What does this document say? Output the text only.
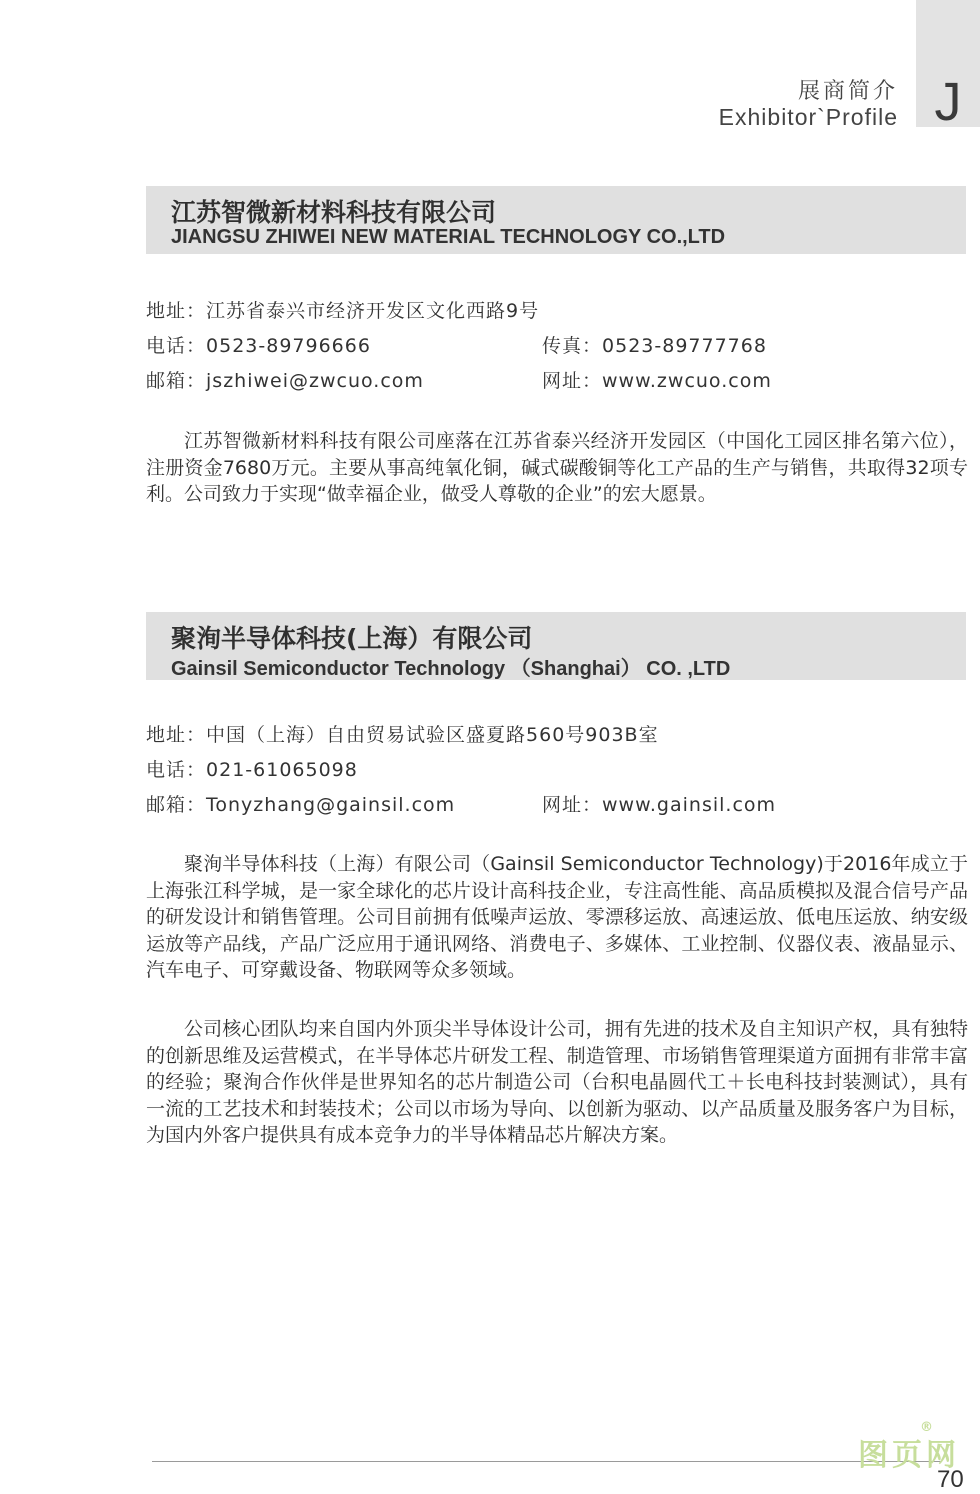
J
展商简介
Exhibitor`Profile
江苏智微新材料科技有限公司
JIANGSU ZHIWEI NEW MATERIAL TECHNOLOGY CO.,LTD
地址：江苏省泰兴市经济开发区文化西路9号
电话：0523-89796666	传真：0523-89777768
邮箱：jszhiwei@zwcuo.com	网址：www.zwcuo.com

江苏智微新材料科技有限公司座落在江苏省泰兴经济开发园区（中国化工园区排名第六位），注册资金7680万元。主要从事高纯氧化铜，碱式碳酸铜等化工产品的生产与销售，共取得32项专利。公司致力于实现“做幸福企业，做受人尊敬的企业”的宏大愿景。

聚洵半导体科技(上海）有限公司
Gainsil Semiconductor Technology （Shanghai） CO. ,LTD
地址：中国（上海）自由贸易试验区盛夏路560号903B室
电话：021-61065098
邮箱：Tonyzhang@gainsil.com	网址：www.gainsil.com

聚洵半导体科技（上海）有限公司（Gainsil Semiconductor Technology)于2016年成立于上海张江科学城，是一家全球化的芯片设计高科技企业，专注高性能、高品质模拟及混合信号产品的研发设计和销售管理。公司目前拥有低噪声运放、零漂移运放、高速运放、低电压运放、纳安级运放等产品线，产品广泛应用于通讯网络、消费电子、多媒体、工业控制、仪器仪表、液晶显示、汽车电子、可穿戴设备、物联网等众多领域。

公司核心团队均来自国内外顶尖半导体设计公司，拥有先进的技术及自主知识产权，具有独特的创新思维及运营模式，在半导体芯片研发工程、制造管理、市场销售管理渠道方面拥有非常丰富的经验；聚洵合作伙伴是世界知名的芯片制造公司（台积电晶圆代工＋长电科技封装测试），具有一流的工艺技术和封装技术；公司以市场为导向、以创新为驱动、以产品质量及服务客户为目标，为国内外客户提供具有成本竞争力的半导体精品芯片解决方案。

图页网
®
70
